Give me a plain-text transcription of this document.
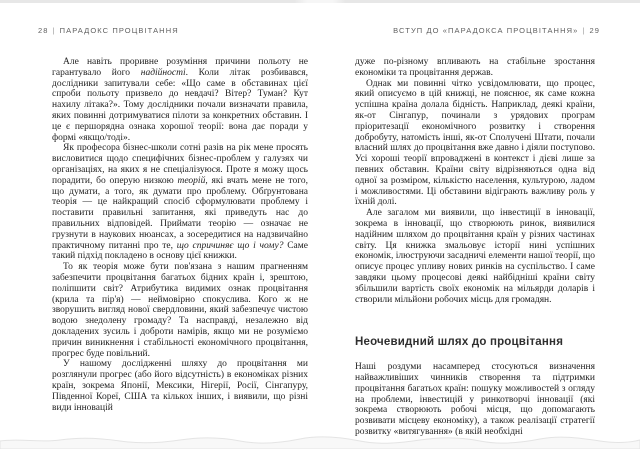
28 | ПАРАДОКС ПРОЦВІТАННЯ

Але навіть проривне розуміння причини польоту не гарантувало його надійності. Коли літак розбивався, дослідники запитували себе: «Що саме в обставинах цієї спроби польоту призвело до невдачі? Вітер? Туман? Кут нахилу літака?». Тому дослідники почали визначати правила, яких повинні дотримуватися пілоти за конкретних обставин. І це є першорядна ознака хорошої теорії: вона дає поради у формі «якщо/тоді».

Як професора бізнес-школи сотні разів на рік мене просять висловитися щодо специфічних бізнес-проблем у галузях чи організаціях, на яких я не спеціалізуюся. Проте я можу щось порадити, бо оперую низкою теорій, які вчать мене не того, що думати, а того, як думати про проблему. Обґрунтована теорія — це найкращий спосіб сформулювати проблему і поставити правильні запитання, які приведуть нас до правильних відповідей. Приймати теорію — означає не грузнути в наукових нюансах, а зосередитися на надзвичайно практичному питанні про те, що спричиняє що і чому? Саме такий підхід покладено в основу цієї книжки.

То як теорія може бути пов'язана з нашим прагненням забезпечити процвітання багатьох бідних країн і, зрештою, поліпшити світ? Атрибутика видимих ознак процвітання (крила та пір'я) — неймовірно спокуслива. Кого ж не зворушить вигляд нової свердловини, який забезпечує чистою водою знедолену громаду? Та насправді, незалежно від докладених зусиль і доброти намірів, якщо ми не розуміємо причин виникнення і стабільності економічного процвітання, прогрес буде повільний.

У нашому дослідженні шляху до процвітання ми розглянули прогрес (або його відсутність) в економіках різних країн, зокрема Японії, Мексики, Нігерії, Росії, Сінгапуру, Південної Кореї, США та кількох інших, і виявили, що різні види інновацій

ВСТУП ДО «ПАРАДОКСА ПРОЦВІТАННЯ» | 29

дуже по-різному впливають на стабільне зростання економіки та процвітання держав.

Однак ми повинні чітко усвідомлювати, що процес, який описуємо в цій книжці, не пояснює, як саме кожна успішна країна долала бідність. Наприклад, деякі країни, як-от Сінгапур, починали з урядових програм пріоритезації економічного розвитку і створення добробуту, натомість інші, як-от Сполучені Штати, почали власний шлях до процвітання вже давно і діяли поступово. Усі хороші теорії впроваджені в контекст і дієві лише за певних обставин. Країни світу відрізняються одна від одної за розміром, кількістю населення, культурою, ладом і можливостями. Ці обставини відіграють важливу роль у їхній долі.

Але загалом ми виявили, що інвестиції в інновації, зокрема в інновації, що створюють ринок, виявилися надійним шляхом до процвітання країн у різних частинах світу. Ця книжка змальовує історії нині успішних економік, ілюструючи засадничі елементи нашої теорії, що описує процес упливу нових ринків на суспільство. І саме завдяки цьому процесові деякі найбідніші країни світу збільшили вартість своїх економік на мільярди доларів і створили мільйони робочих місць для громадян.

Неочевидний шлях до процвітання

Наші роздуми насамперед стосуються визначення найважливіших чинників створення та підтримки процвітання багатьох країн: пошуку можливостей з огляду на проблеми, інвестицій у ринкотворчі інновації (які зокрема створюють робочі місця, що допомагають розвивати місцеву економіку), а також реалізації стратегії розвитку «витягування» (в якій необхідні
